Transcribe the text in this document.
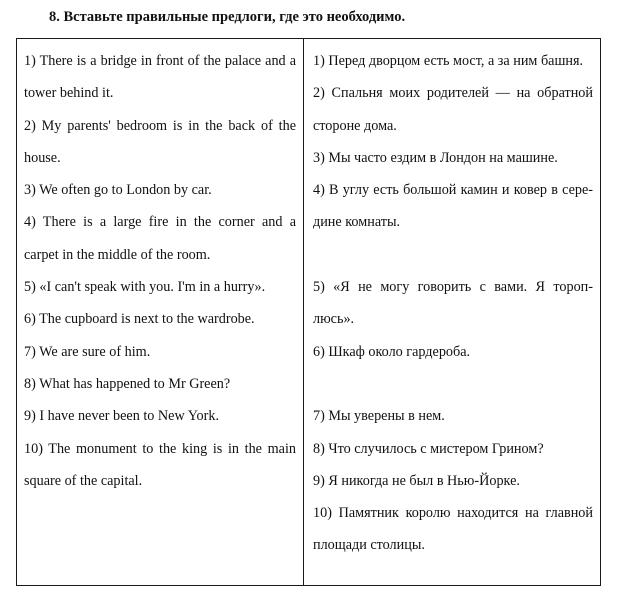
8. Вставьте правильные предлоги, где это необходимо.

1) There is a bridge in front of the palace and a tower behind it.

2) My parents' bedroom is in the back of the house.

3) We often go to London by car.

4) There is a large fire in the corner and a carpet in the middle of the room.

5) «I can't speak with you. I'm in a hurry».

6) The cupboard is next to the wardrobe.

7) We are sure of him.

8) What has happened to Mr Green?

9) I have never been to New York.

10) The monument to the king is in the main square of the capital.

1) Перед дворцом есть мост, а за ним башня.

2) Спальня моих родителей — на обратной стороне дома.

3) Мы часто ездим в Лондон на машине.

4) В углу есть большой камин и ковер в сере-дине комнаты.

5) «Я не могу говорить с вами. Я тороп-люсь».

6) Шкаф около гардероба.

7) Мы уверены в нем.

8) Что случилось с мистером Грином?

9) Я никогда не был в Нью-Йорке.

10) Памятник королю находится на главной площади столицы.
